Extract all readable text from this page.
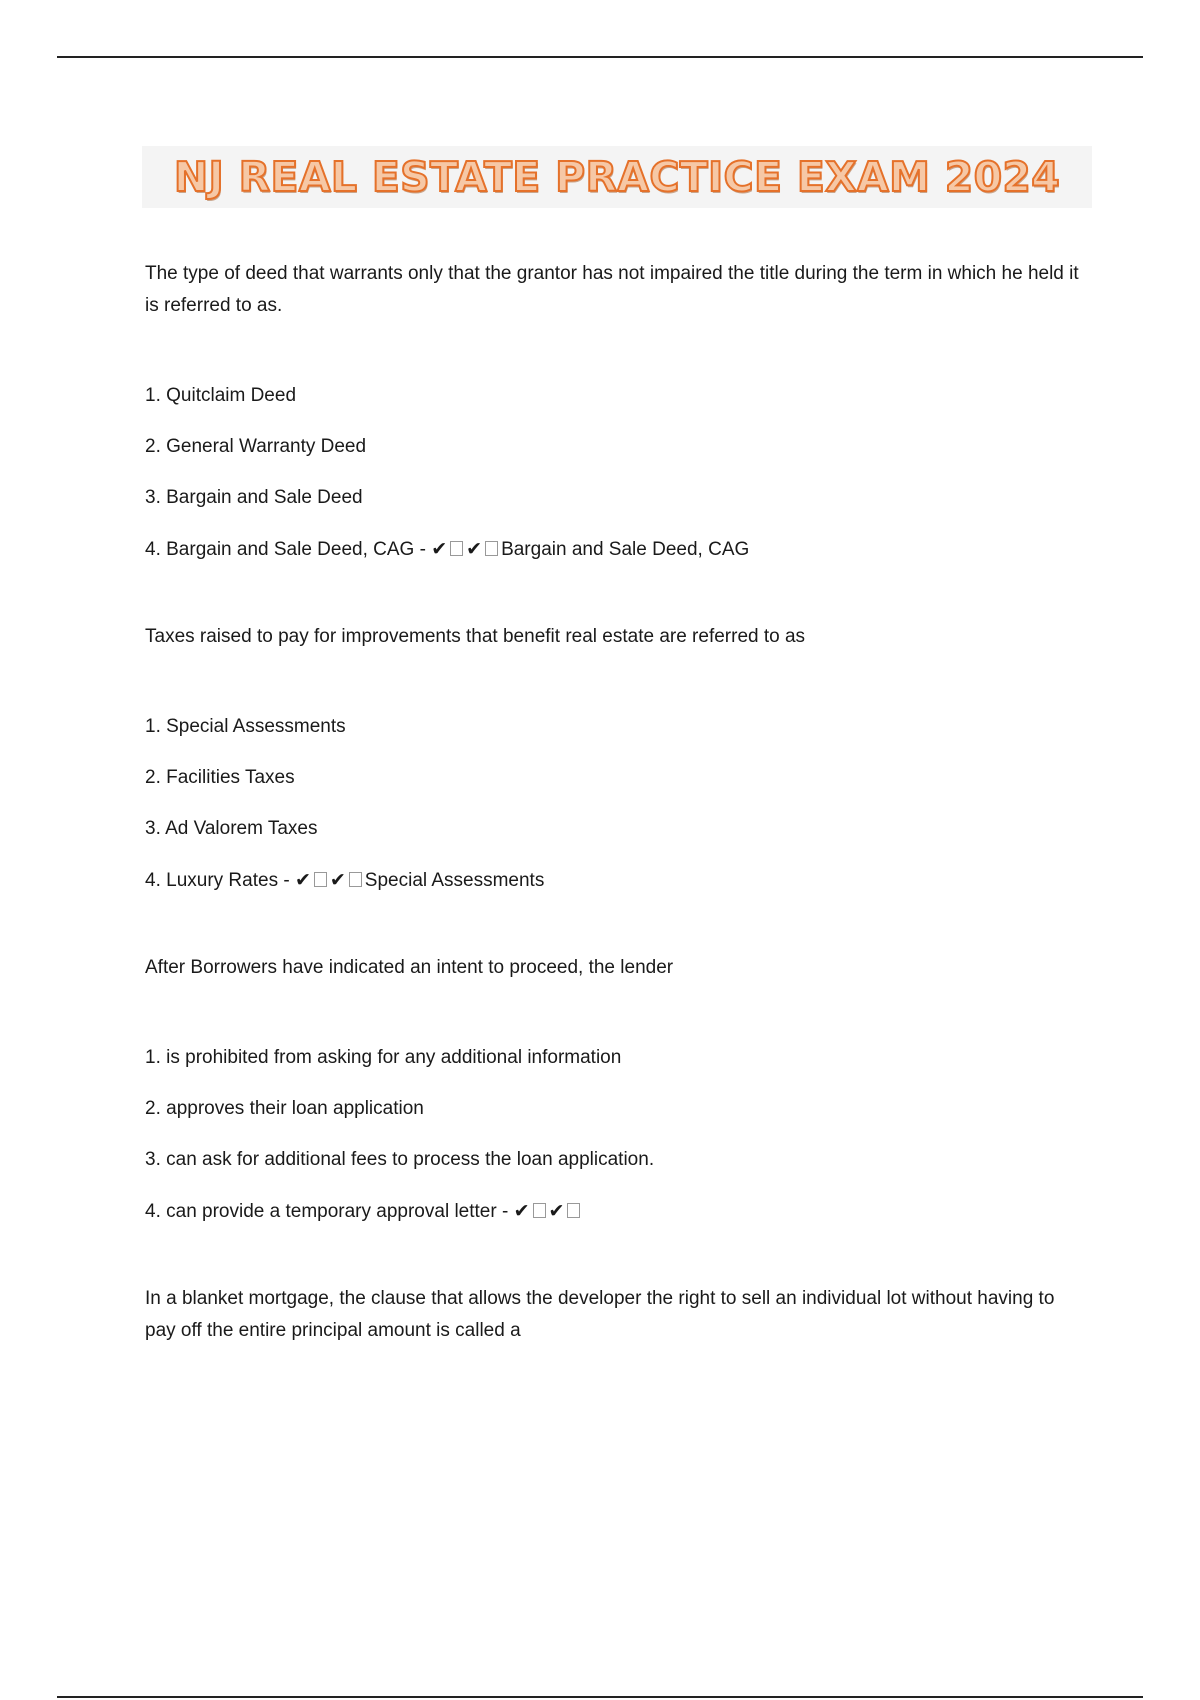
NJ REAL ESTATE PRACTICE EXAM 2024

The type of deed that warrants only that the grantor has not impaired the title during the term in which he held it is referred to as.

1. Quitclaim Deed
2. General Warranty Deed
3. Bargain and Sale Deed
4. Bargain and Sale Deed, CAG - ✔ ✔ Bargain and Sale Deed, CAG

Taxes raised to pay for improvements that benefit real estate are referred to as

1. Special Assessments
2. Facilities Taxes
3. Ad Valorem Taxes
4. Luxury Rates - ✔ ✔ Special Assessments

After Borrowers have indicated an intent to proceed, the lender

1. is prohibited from asking for any additional information
2. approves their loan application
3. can ask for additional fees to process the loan application.
4. can provide a temporary approval letter - ✔ ✔

In a blanket mortgage, the clause that allows the developer the right to sell an individual lot without having to pay off the entire principal amount is called a
